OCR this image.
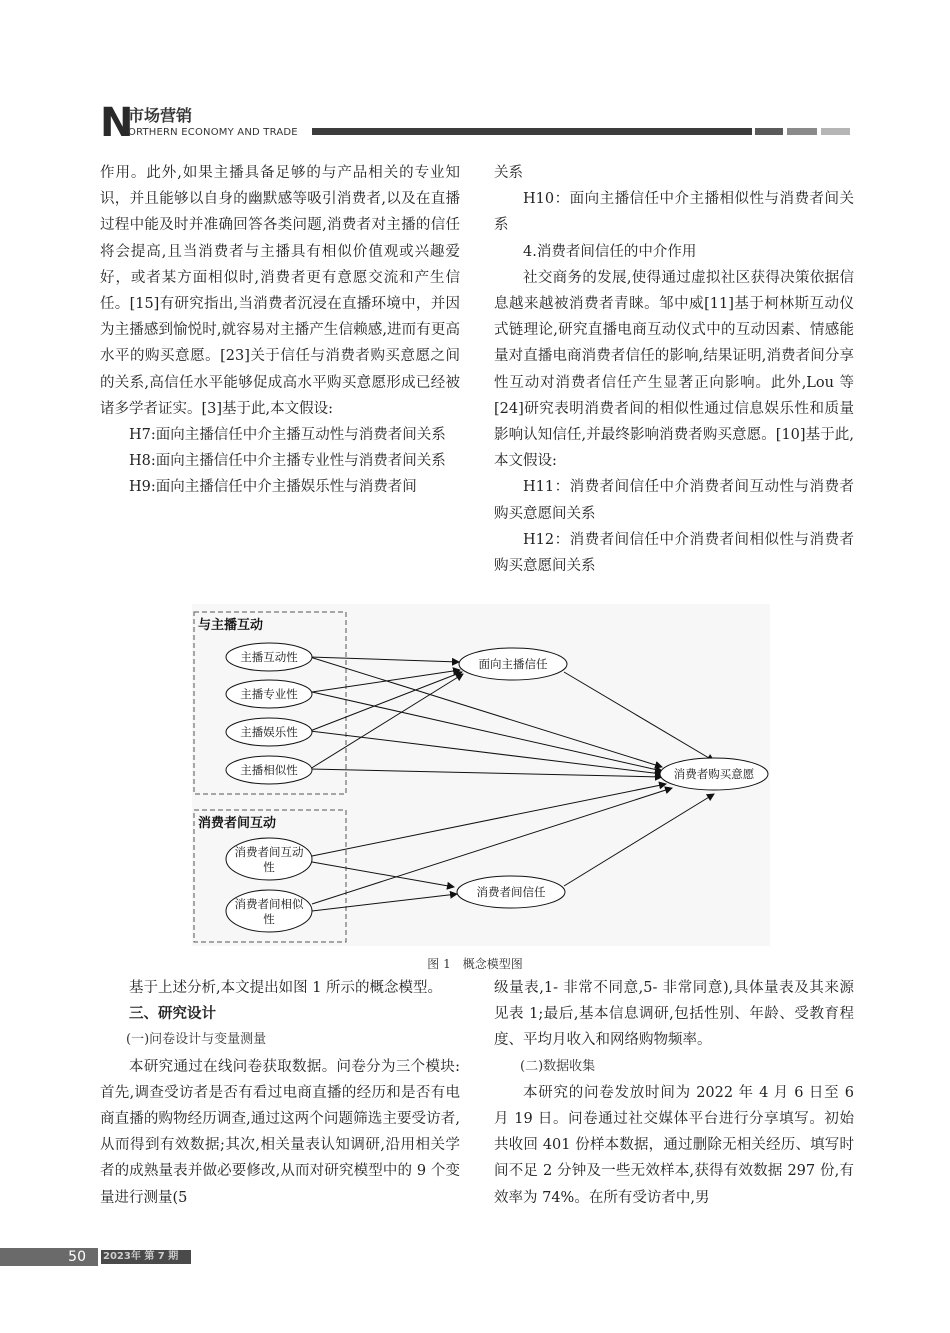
N
市场营销
ORTHERN ECONOMY AND TRADE

作用。此外,如果主播具备足够的与产品相关的专业知识，并且能够以自身的幽默感等吸引消费者,以及在直播过程中能及时并准确回答各类问题,消费者对主播的信任将会提高,且当消费者与主播具有相似价值观或兴趣爱好，或者某方面相似时,消费者更有意愿交流和产生信任。[15]有研究指出,当消费者沉浸在直播环境中，并因为主播感到愉悦时,就容易对主播产生信赖感,进而有更高水平的购买意愿。[23]关于信任与消费者购买意愿之间的关系,高信任水平能够促成高水平购买意愿形成已经被诸多学者证实。[3]基于此,本文假设:

H7:面向主播信任中介主播互动性与消费者间关系

H8:面向主播信任中介主播专业性与消费者间关系

H9:面向主播信任中介主播娱乐性与消费者间

关系

H10：面向主播信任中介主播相似性与消费者间关系

4.消费者间信任的中介作用

社交商务的发展,使得通过虚拟社区获得决策依据信息越来越被消费者青睐。邹中威[11]基于柯林斯互动仪式链理论,研究直播电商互动仪式中的互动因素、情感能量对直播电商消费者信任的影响,结果证明,消费者间分享性互动对消费者信任产生显著正向影响。此外,Lou 等[24]研究表明消费者间的相似性通过信息娱乐性和质量影响认知信任,并最终影响消费者购买意愿。[10]基于此,本文假设:

H11：消费者间信任中介消费者间互动性与消费者购买意愿间关系

H12：消费者间信任中介消费者间相似性与消费者购买意愿间关系

与主播互动
消费者间互动
主播互动性
主播专业性
主播娱乐性
主播相似性
消费者间互动
性
消费者间相似
性
面向主播信任
消费者间信任
消费者购买意愿
图 1　概念模型图

基于上述分析,本文提出如图 1 所示的概念模型。

三、研究设计

(一)问卷设计与变量测量

本研究通过在线问卷获取数据。问卷分为三个模块:首先,调查受访者是否有看过电商直播的经历和是否有电商直播的购物经历调查,通过这两个问题筛选主要受访者,从而得到有效数据;其次,相关量表认知调研,沿用相关学者的成熟量表并做必要修改,从而对研究模型中的 9 个变量进行测量(5

级量表,1- 非常不同意,5- 非常同意),具体量表及其来源见表 1;最后,基本信息调研,包括性别、年龄、受教育程度、平均月收入和网络购物频率。

(二)数据收集

本研究的问卷发放时间为 2022 年 4 月 6 日至 6 月 19 日。问卷通过社交媒体平台进行分享填写。初始共收回 401 份样本数据，通过删除无相关经历、填写时间不足 2 分钟及一些无效样本,获得有效数据 297 份,有效率为 74%。在所有受访者中,男

50	2023年 第 7 期
